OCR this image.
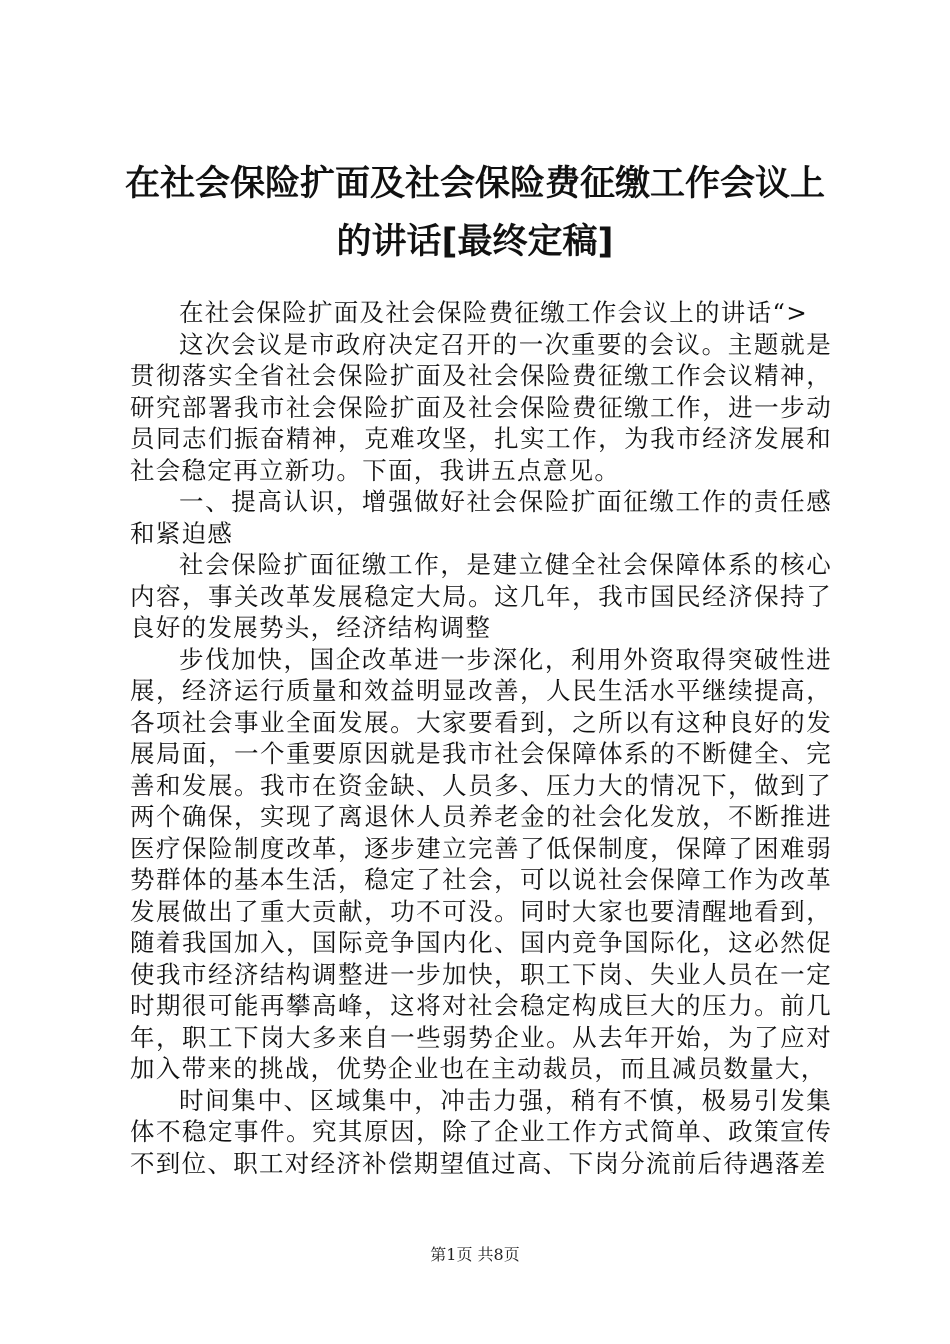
在社会保险扩面及社会保险费征缴工作会议上的讲话[最终定稿]

在社会保险扩面及社会保险费征缴工作会议上的讲话“>

这次会议是市政府决定召开的一次重要的会议。主题就是贯彻落实全省社会保险扩面及社会保险费征缴工作会议精神，研究部署我市社会保险扩面及社会保险费征缴工作，进一步动员同志们振奋精神，克难攻坚，扎实工作，为我市经济发展和社会稳定再立新功。下面，我讲五点意见。

一、提高认识，增强做好社会保险扩面征缴工作的责任感和紧迫感

社会保险扩面征缴工作，是建立健全社会保障体系的核心内容，事关改革发展稳定大局。这几年，我市国民经济保持了良好的发展势头，经济结构调整

步伐加快，国企改革进一步深化，利用外资取得突破性进展，经济运行质量和效益明显改善，人民生活水平继续提高，各项社会事业全面发展。大家要看到，之所以有这种良好的发展局面，一个重要原因就是我市社会保障体系的不断健全、完善和发展。我市在资金缺、人员多、压力大的情况下，做到了两个确保，实现了离退休人员养老金的社会化发放，不断推进医疗保险制度改革，逐步建立完善了低保制度，保障了困难弱势群体的基本生活，稳定了社会，可以说社会保障工作为改革发展做出了重大贡献，功不可没。同时大家也要清醒地看到，随着我国加入，国际竞争国内化、国内竞争国际化，这必然促使我市经济结构调整进一步加快，职工下岗、失业人员在一定时期很可能再攀高峰，这将对社会稳定构成巨大的压力。前几年，职工下岗大多来自一些弱势企业。从去年开始，为了应对加入带来的挑战，优势企业也在主动裁员，而且减员数量大，

时间集中、区域集中，冲击力强，稍有不慎，极易引发集体不稳定事件。究其原因，除了企业工作方式简单、政策宣传不到位、职工对经济补偿期望值过高、下岗分流前后待遇落差

第1页 共8页
